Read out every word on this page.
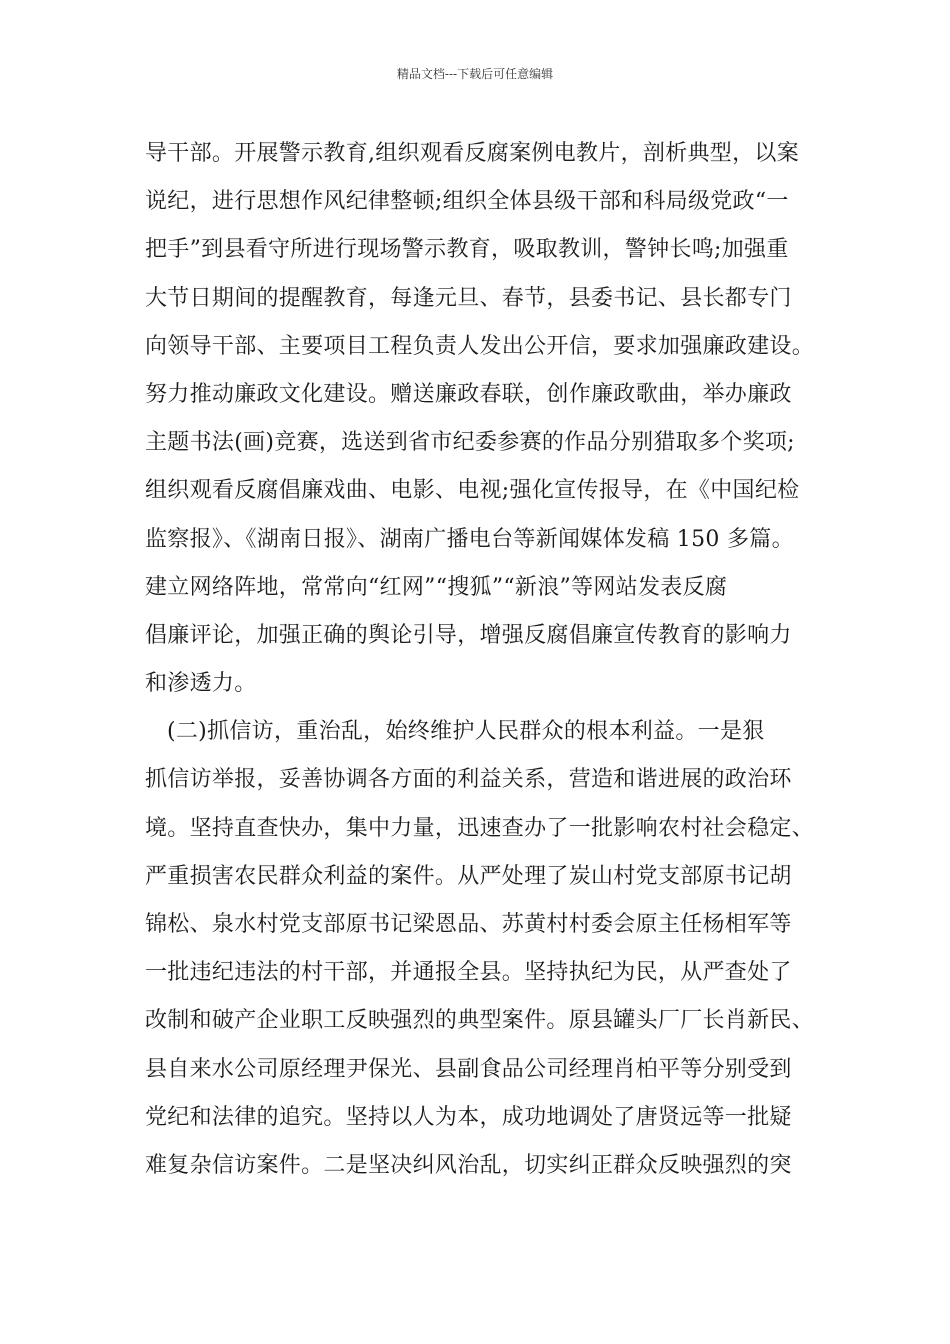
精品文档---下载后可任意编辑
导干部。开展警示教育,组织观看反腐案例电教片，剖析典型，以案
说纪，进行思想作风纪律整顿;组织全体县级干部和科局级党政“一
把手”到县看守所进行现场警示教育，吸取教训，警钟长鸣;加强重
大节日期间的提醒教育，每逢元旦、春节，县委书记、县长都专门
向领导干部、主要项目工程负责人发出公开信，要求加强廉政建设。
努力推动廉政文化建设。赠送廉政春联，创作廉政歌曲，举办廉政
主题书法(画)竞赛，选送到省市纪委参赛的作品分别猎取多个奖项;
组织观看反腐倡廉戏曲、电影、电视;强化宣传报导，在《中国纪检
监察报》、《湖南日报》、湖南广播电台等新闻媒体发稿 150 多篇。
建立网络阵地，常常向“红网”“搜狐”“新浪”等网站发表反腐
倡廉评论，加强正确的舆论引导，增强反腐倡廉宣传教育的影响力
和渗透力。
(二)抓信访，重治乱，始终维护人民群众的根本利益。一是狠
抓信访举报，妥善协调各方面的利益关系，营造和谐进展的政治环
境。坚持直查快办，集中力量，迅速查办了一批影响农村社会稳定、
严重损害农民群众利益的案件。从严处理了炭山村党支部原书记胡
锦松、泉水村党支部原书记梁恩品、苏黄村村委会原主任杨相军等
一批违纪违法的村干部，并通报全县。坚持执纪为民，从严查处了
改制和破产企业职工反映强烈的典型案件。原县罐头厂厂长肖新民、
县自来水公司原经理尹保光、县副食品公司经理肖柏平等分别受到
党纪和法律的追究。坚持以人为本，成功地调处了唐贤远等一批疑
难复杂信访案件。二是坚决纠风治乱，切实纠正群众反映强烈的突
